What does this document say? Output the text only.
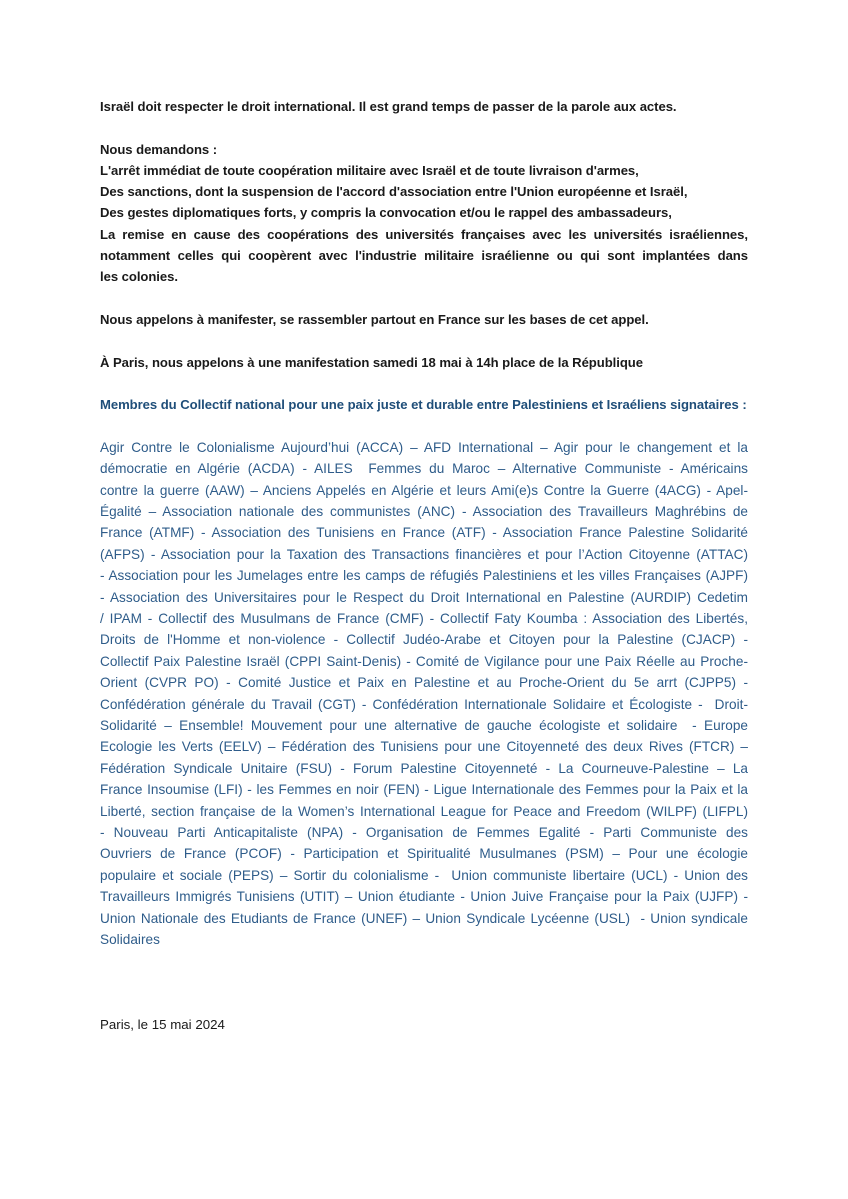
Israël doit respecter le droit international. Il est grand temps de passer de la parole aux actes.

Nous demandons :
L'arrêt immédiat de toute coopération militaire avec Israël et de toute livraison d'armes,
Des sanctions, dont la suspension de l'accord d'association entre l'Union européenne et Israël,
Des gestes diplomatiques forts, y compris la convocation et/ou le rappel des ambassadeurs,
La remise en cause des coopérations des universités françaises avec les universités israéliennes,
notamment celles qui coopèrent avec l'industrie militaire israélienne ou qui sont implantées dans
les colonies.

Nous appelons à manifester, se rassembler partout en France sur les bases de cet appel.

À Paris, nous appelons à une manifestation samedi 18 mai à 14h place de la République

Membres du Collectif national pour une paix juste et durable entre Palestiniens et Israéliens signataires :

Agir Contre le Colonialisme Aujourd’hui (ACCA) – AFD International – Agir pour le changement et la
démocratie en Algérie (ACDA) - AILES  Femmes du Maroc – Alternative Communiste - Américains
contre la guerre (AAW) – Anciens Appelés en Algérie et leurs Ami(e)s Contre la Guerre (4ACG) - Apel-
Égalité – Association nationale des communistes (ANC) - Association des Travailleurs Maghrébins de
France (ATMF) - Association des Tunisiens en France (ATF) - Association France Palestine Solidarité
(AFPS) - Association pour la Taxation des Transactions financières et pour l’Action Citoyenne (ATTAC)
- Association pour les Jumelages entre les camps de réfugiés Palestiniens et les villes Françaises (AJPF)
- Association des Universitaires pour le Respect du Droit International en Palestine (AURDIP) Cedetim
/ IPAM - Collectif des Musulmans de France (CMF) - Collectif Faty Koumba : Association des Libertés,
Droits de l'Homme et non-violence - Collectif Judéo-Arabe et Citoyen pour la Palestine (CJACP) -
Collectif Paix Palestine Israël (CPPI Saint-Denis) - Comité de Vigilance pour une Paix Réelle au Proche-
Orient (CVPR PO) - Comité Justice et Paix en Palestine et au Proche-Orient du 5e arrt (CJPP5) -
Confédération générale du Travail (CGT) - Confédération Internationale Solidaire et Écologiste -  Droit-
Solidarité – Ensemble! Mouvement pour une alternative de gauche écologiste et solidaire  - Europe
Ecologie les Verts (EELV) – Fédération des Tunisiens pour une Citoyenneté des deux Rives (FTCR) –
Fédération Syndicale Unitaire (FSU) - Forum Palestine Citoyenneté - La Courneuve-Palestine – La
France Insoumise (LFI) - les Femmes en noir (FEN) - Ligue Internationale des Femmes pour la Paix et la
Liberté, section française de la Women’s International League for Peace and Freedom (WILPF) (LIFPL)
- Nouveau Parti Anticapitaliste (NPA) - Organisation de Femmes Egalité - Parti Communiste des
Ouvriers de France (PCOF) - Participation et Spiritualité Musulmanes (PSM) – Pour une écologie
populaire et sociale (PEPS) – Sortir du colonialisme -  Union communiste libertaire (UCL) - Union des
Travailleurs Immigrés Tunisiens (UTIT) – Union étudiante - Union Juive Française pour la Paix (UJFP) -
Union Nationale des Etudiants de France (UNEF) – Union Syndicale Lycéenne (USL)  - Union syndicale
Solidaires

Paris, le 15 mai 2024
